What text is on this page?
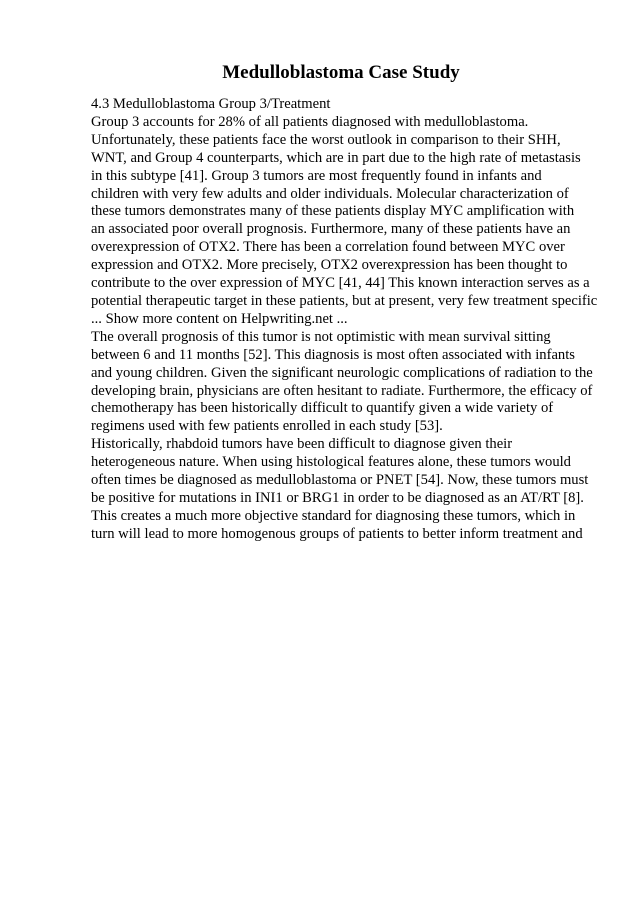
Medulloblastoma Case Study
4.3 Medulloblastoma Group 3/Treatment
Group 3 accounts for 28% of all patients diagnosed with medulloblastoma.
Unfortunately, these patients face the worst outlook in comparison to their SHH,
WNT, and Group 4 counterparts, which are in part due to the high rate of metastasis
in this subtype [41]. Group 3 tumors are most frequently found in infants and
children with very few adults and older individuals. Molecular characterization of
these tumors demonstrates many of these patients display MYC amplification with
an associated poor overall prognosis. Furthermore, many of these patients have an
overexpression of OTX2. There has been a correlation found between MYC over
expression and OTX2. More precisely, OTX2 overexpression has been thought to
contribute to the over expression of MYC [41, 44] This known interaction serves as a
potential therapeutic target in these patients, but at present, very few treatment specific
... Show more content on Helpwriting.net ...
The overall prognosis of this tumor is not optimistic with mean survival sitting
between 6 and 11 months [52]. This diagnosis is most often associated with infants
and young children. Given the significant neurologic complications of radiation to the
developing brain, physicians are often hesitant to radiate. Furthermore, the efficacy of
chemotherapy has been historically difficult to quantify given a wide variety of
regimens used with few patients enrolled in each study [53].
Historically, rhabdoid tumors have been difficult to diagnose given their
heterogeneous nature. When using histological features alone, these tumors would
often times be diagnosed as medulloblastoma or PNET [54]. Now, these tumors must
be positive for mutations in INI1 or BRG1 in order to be diagnosed as an AT/RT [8].
This creates a much more objective standard for diagnosing these tumors, which in
turn will lead to more homogenous groups of patients to better inform treatment and
